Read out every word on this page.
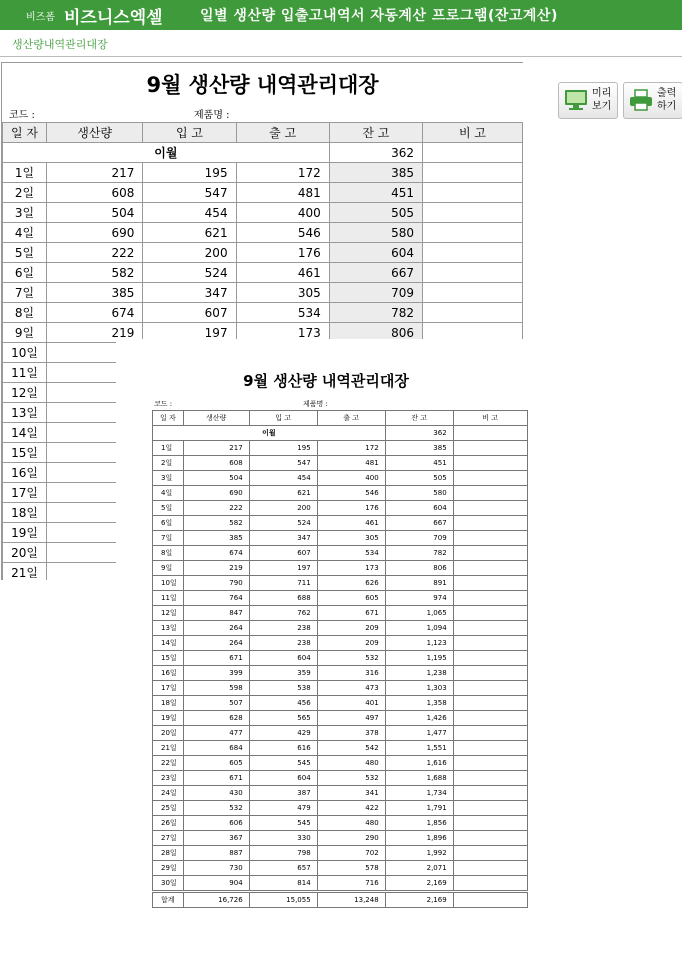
비즈폼 비즈니스엑셀	일별 생산량 입출고내역서 자동계산 프로그램(잔고계산)
생산량내역관리대장
9월 생산량 내역관리대장
코드 :	제품명 :
일 자	생산량	입 고	출 고	잔 고	비 고
이월				362	
1일	217	195	172	385	
2일	608	547	481	451	
3일	504	454	400	505	
4일	690	621	546	580	
5일	222	200	176	604	
6일	582	524	461	667	
7일	385	347	305	709	
8일	674	607	534	782	
9일	219	197	173	806	
10일					
11일					
12일					
13일					
14일					
15일					
16일					
17일					
18일					
19일					
20일					
21일					
미리
보기
출력
하기
9월 생산량 내역관리대장
코드 :	제품명 :
일 자	생산량	입 고	출 고	잔 고	비 고
이월				362	
1일	217	195	172	385	
2일	608	547	481	451	
3일	504	454	400	505	
4일	690	621	546	580	
5일	222	200	176	604	
6일	582	524	461	667	
7일	385	347	305	709	
8일	674	607	534	782	
9일	219	197	173	806	
10일	790	711	626	891	
11일	764	688	605	974	
12일	847	762	671	1,065	
13일	264	238	209	1,094	
14일	264	238	209	1,123	
15일	671	604	532	1,195	
16일	399	359	316	1,238	
17일	598	538	473	1,303	
18일	507	456	401	1,358	
19일	628	565	497	1,426	
20일	477	429	378	1,477	
21일	684	616	542	1,551	
22일	605	545	480	1,616	
23일	671	604	532	1,688	
24일	430	387	341	1,734	
25일	532	479	422	1,791	
26일	606	545	480	1,856	
27일	367	330	290	1,896	
28일	887	798	702	1,992	
29일	730	657	578	2,071	
30일	904	814	716	2,169	
합계	16,726	15,055	13,248	2,169	
